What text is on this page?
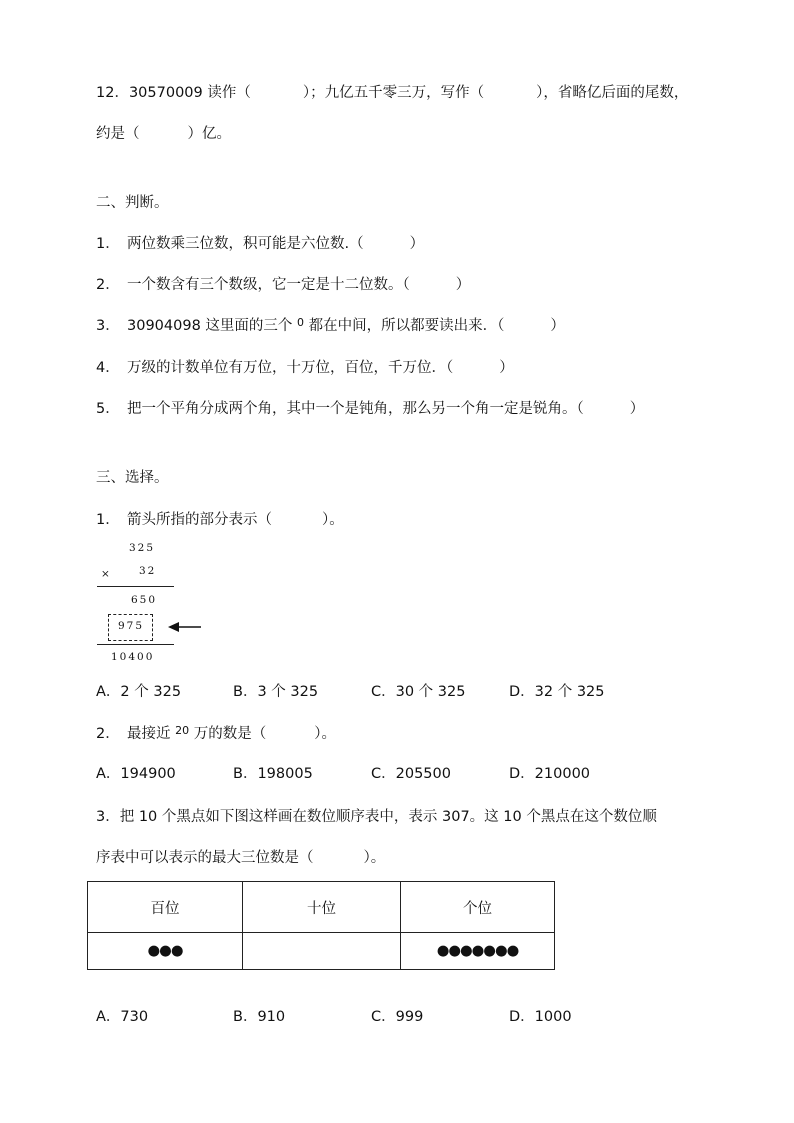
12．30570009 读作（	）；九亿五千零三万，写作（	），省略亿后面的尾数，
约是（	）亿。
二、判断。
1． 两位数乘三位数，积可能是六位数.（	）
2． 一个数含有三个数级，它一定是十二位数。（	）
3． 30904098 这里面的三个 $^0$ 都在中间，所以都要读出来．（	）
4． 万级的计数单位有万位，十万位，百位，千万位．（	）
5． 把一个平角分成两个角，其中一个是钝角，那么另一个角一定是锐角。（	）
三、选择。
1． 箭头所指的部分表示（	）。
325
×	32
650
975
10400
A．2 个 325	B．3 个 325	C．30 个 325	D．32 个 325
2． 最接近 $^{20}$ 万的数是（	）。
A．194900	B．198005	C．205500	D．210000
3．把 10 个黑点如下图这样画在数位顺序表中，表示 307。这 10 个黑点在这个数位顺
序表中可以表示的最大三位数是（	）。
百位	十位	个位
●●●		●●●●●●●
A．730	B．910	C．999	D．1000
